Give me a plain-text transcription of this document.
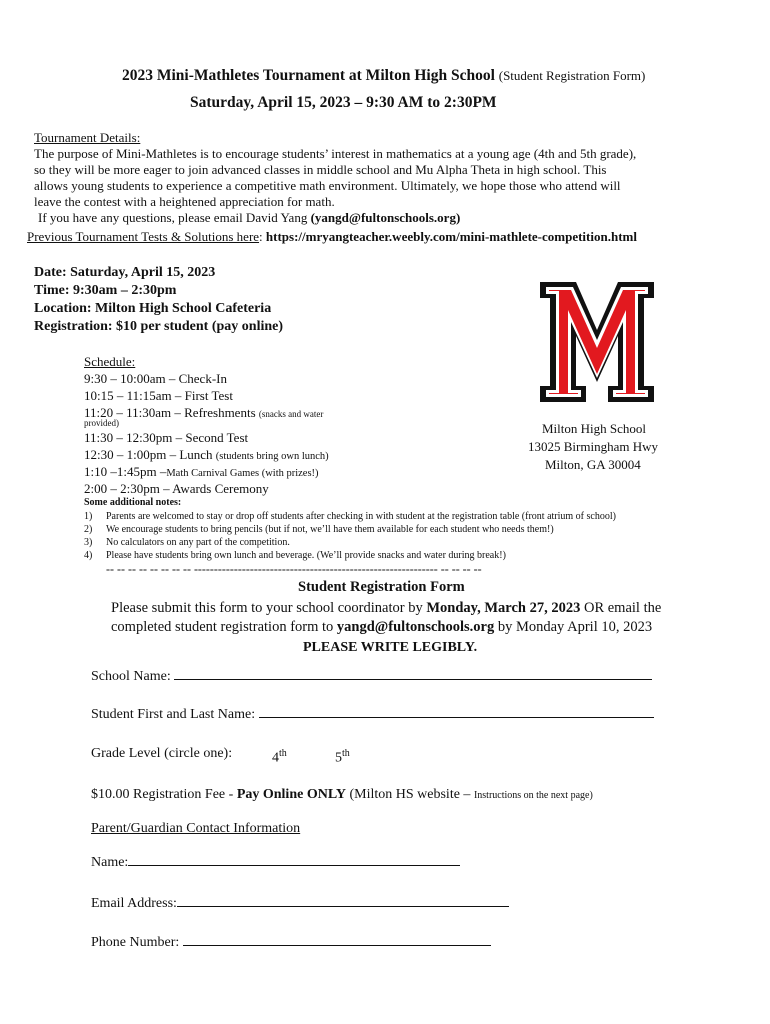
2023 Mini-Mathletes Tournament at Milton High School (Student Registration Form)
Saturday, April 15, 2023 – 9:30 AM to 2:30PM
Tournament Details:
The purpose of Mini-Mathletes is to encourage students’ interest in mathematics at a young age (4th and 5th grade),
so they will be more eager to join advanced classes in middle school and Mu Alpha Theta in high school. This
allows young students to experience a competitive math environment. Ultimately, we hope those who attend will
leave the contest with a heightened appreciation for math.
If you have any questions, please email David Yang (yangd@fultonschools.org)
Previous Tournament Tests & Solutions here: https://mryangteacher.weebly.com/mini-mathlete-competition.html
Date: Saturday, April 15, 2023
Time: 9:30am – 2:30pm
Location: Milton High School Cafeteria
Registration: $10 per student (pay online)
Milton High School
13025 Birmingham Hwy
Milton, GA 30004
Schedule:
9:30 – 10:00am – Check-In
10:15 – 11:15am – First Test
11:20 – 11:30am – Refreshments (snacks and water
provided)
11:30 – 12:30pm – Second Test
12:30 – 1:00pm – Lunch (students bring own lunch)
1:10 –1:45pm –Math Carnival Games (with prizes!)
2:00 – 2:30pm – Awards Ceremony
Some additional notes:
1) Parents are welcomed to stay or drop off students after checking in with student at the registration table (front atrium of school)
2) We encourage students to bring pencils (but if not, we’ll have them available for each student who needs them!)
3) No calculators on any part of the competition.
4) Please have students bring own lunch and beverage. (We’ll provide snacks and water during break!)
-- -- -- -- -- -- -- -- ------------------------------------------------------------- -- -- -- --
Student Registration Form
Please submit this form to your school coordinator by Monday, March 27, 2023 OR email the
completed student registration form to yangd@fultonschools.org by Monday April 10, 2023
PLEASE WRITE LEGIBLY.
School Name:
Student First and Last Name:
Grade Level (circle one):	4th	5th
$10.00 Registration Fee - Pay Online ONLY (Milton HS website – Instructions on the next page)
Parent/Guardian Contact Information
Name:
Email Address:
Phone Number:
